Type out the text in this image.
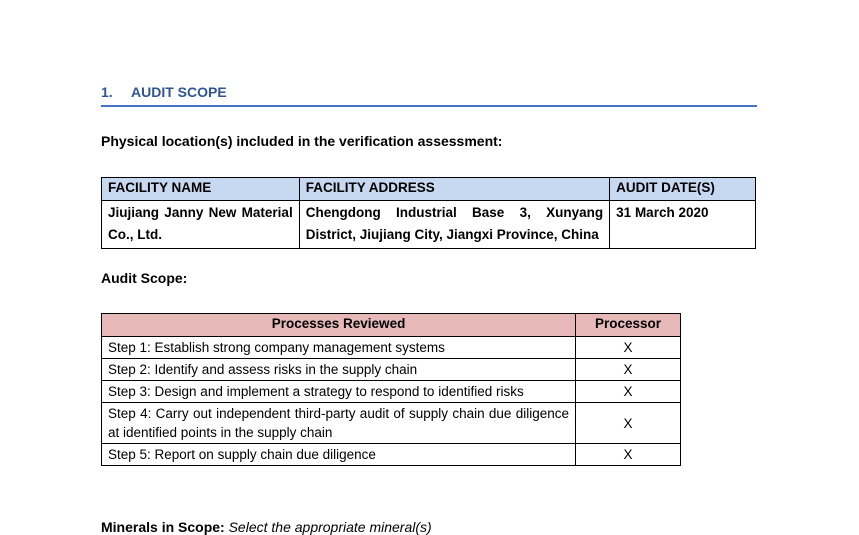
1. AUDIT SCOPE
Physical location(s) included in the verification assessment:
FACILITY NAME	FACILITY ADDRESS	AUDIT DATE(S)
Jiujiang Janny New Material Co., Ltd.	Chengdong Industrial Base 3, Xunyang District, Jiujiang City, Jiangxi Province, China	31 March 2020
Audit Scope:
Processes Reviewed	Processor
Step 1: Establish strong company management systems	X
Step 2: Identify and assess risks in the supply chain	X
Step 3: Design and implement a strategy to respond to identified risks	X
Step 4: Carry out independent third-party audit of supply chain due diligence at identified points in the supply chain	X
Step 5: Report on supply chain due diligence	X
Minerals in Scope: Select the appropriate mineral(s)
